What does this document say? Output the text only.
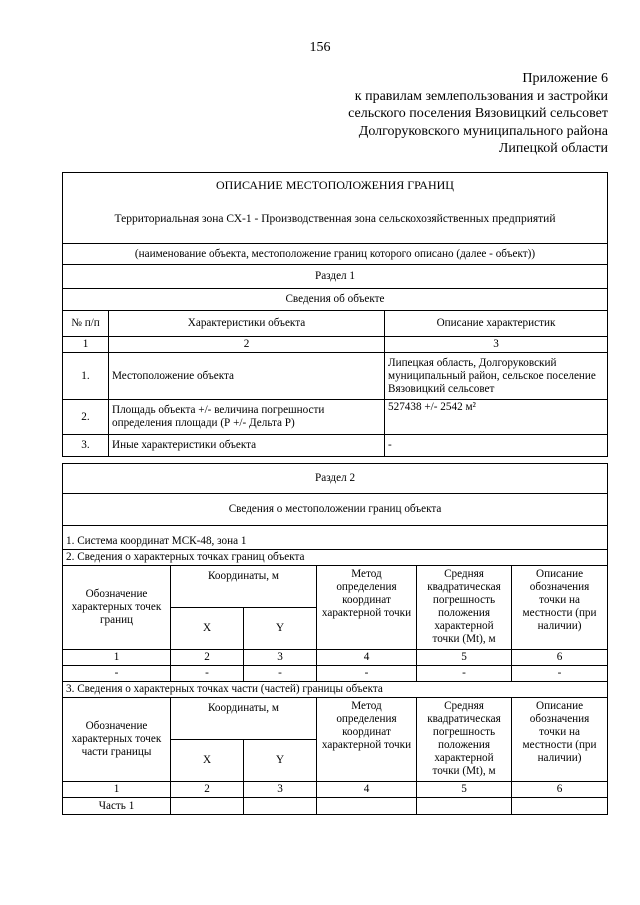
156
Приложение 6
к правилам землепользования и застройки
сельского поселения Вязовицкий сельсовет
Долгоруковского муниципального района
Липецкой области
ОПИСАНИЕ МЕСТОПОЛОЖЕНИЯ ГРАНИЦ
Территориальная зона СХ-1 - Производственная зона сельскохозяйственных предприятий		

(наименование объекта, местоположение границ которого описано (далее - объект))		
Раздел 1		
Сведения об объекте		
№ п/п	Характеристики объекта	Описание характеристик
1	2	3
1.	Местоположение объекта	Липецкая область, Долгоруковский муниципальный район, сельское поселение Вязовицкий сельсовет
2.	Площадь объекта +/- величина погрешности определения площади (Р +/- Дельта Р)	527438 +/- 2542 м²
3.	Иные характеристики объекта	-
Раздел 2					
Сведения о местоположении границ объекта					
1. Система координат МСК-48, зона 1					
2. Сведения о характерных точках границ объекта					
Обозначение характерных точек границ	Координаты, м		Метод определения координат характерной точки	Средняя квадратическая погрешность положения характерной точки (Mt), м	Описание обозначения точки на местности (при наличии)
	X	Y			
1	2	3	4	5	6
-	-	-	-	-	-
3. Сведения о характерных точках части (частей) границы объекта					
Обозначение характерных точек части границы	Координаты, м		Метод определения координат характерной точки	Средняя квадратическая погрешность положения характерной точки (Mt), м	Описание обозначения точки на местности (при наличии)
	X	Y			
1	2	3	4	5	6
Часть 1					
